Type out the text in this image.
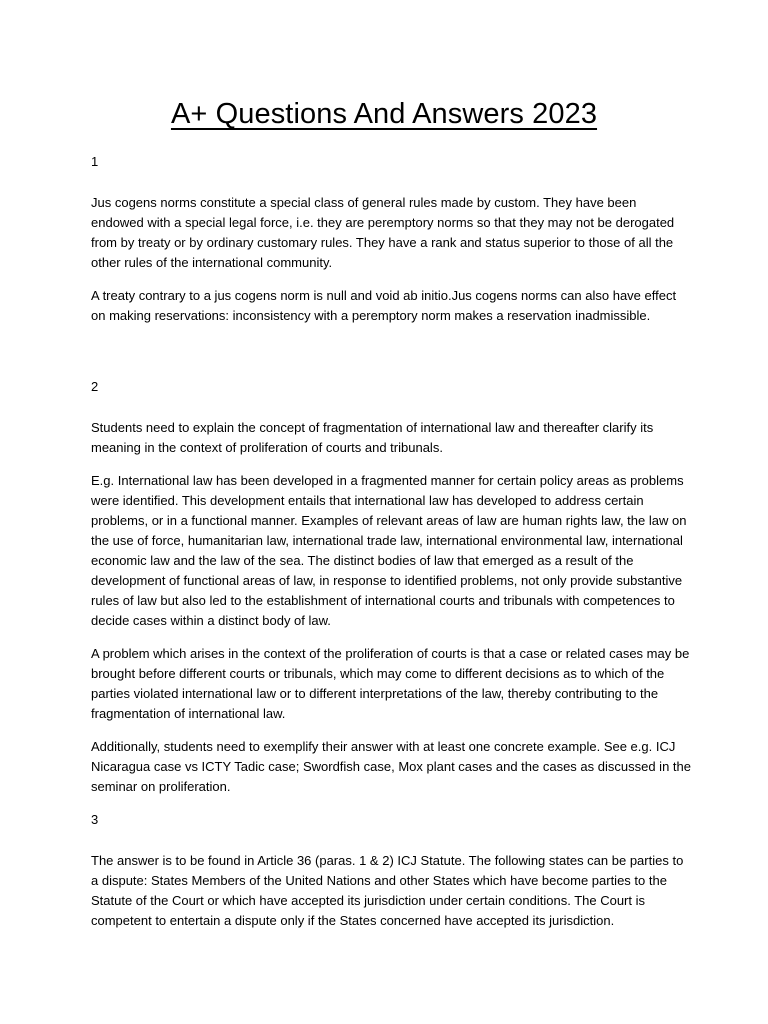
A+ Questions And Answers 2023

1

Jus cogens norms constitute a special class of general rules made by custom. They have been endowed with a special legal force, i.e. they are peremptory norms so that they may not be derogated from by treaty or by ordinary customary rules. They have a rank and status superior to those of all the other rules of the international community.

A treaty contrary to a jus cogens norm is null and void ab initio.Jus cogens norms can also have effect on making reservations: inconsistency with a peremptory norm makes a reservation inadmissible.

2

Students need to explain the concept of fragmentation of international law and thereafter clarify its meaning in the context of proliferation of courts and tribunals.

E.g. International law has been developed in a fragmented manner for certain policy areas as problems were identified. This development entails that international law has developed to address certain problems, or in a functional manner. Examples of relevant areas of law are human rights law, the law on the use of force, humanitarian law, international trade law, international environmental law, international economic law and the law of the sea. The distinct bodies of law that emerged as a result of the development of functional areas of law, in response to identified problems, not only provide substantive rules of law but also led to the establishment of international courts and tribunals with competences to decide cases within a distinct body of law.

A problem which arises in the context of the proliferation of courts is that a case or related cases may be brought before different courts or tribunals, which may come to different decisions as to which of the parties violated international law or to different interpretations of the law, thereby contributing to the fragmentation of international law.

Additionally, students need to exemplify their answer with at least one concrete example. See e.g. ICJ Nicaragua case vs ICTY Tadic case; Swordfish case, Mox plant cases and the cases as discussed in the seminar on proliferation.

3

The answer is to be found in Article 36 (paras. 1 & 2) ICJ Statute. The following states can be parties to a dispute: States Members of the United Nations and other States which have become parties to the Statute of the Court or which have accepted its jurisdiction under certain conditions. The Court is competent to entertain a dispute only if the States concerned have accepted its jurisdiction.
